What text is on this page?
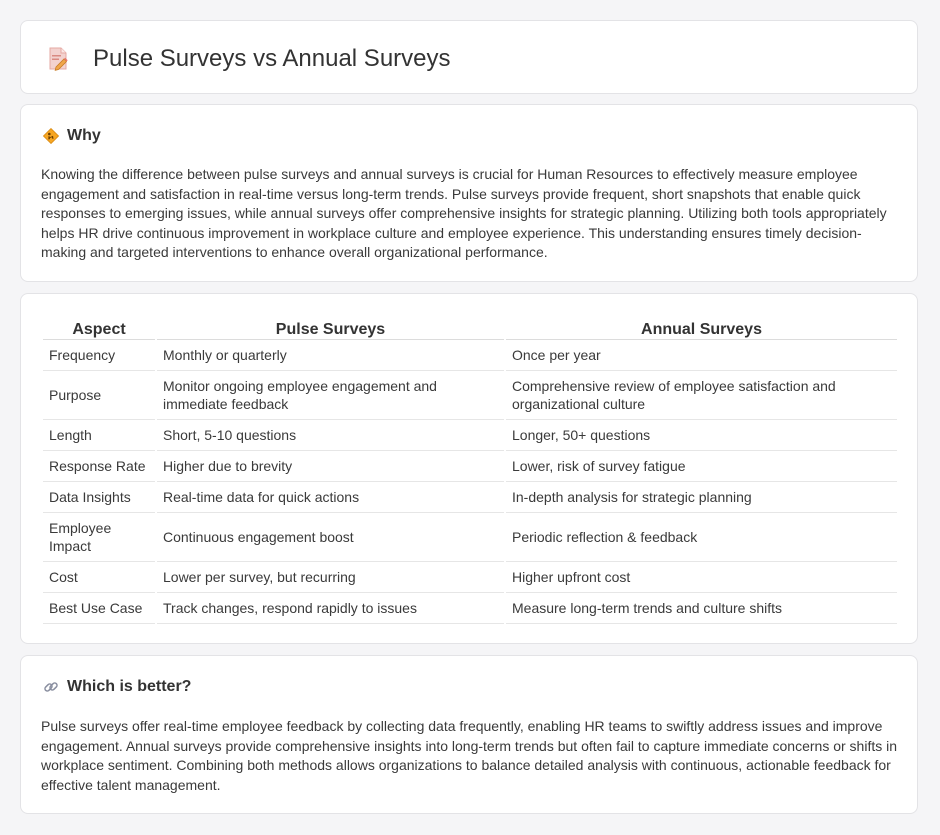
Pulse Surveys vs Annual Surveys
Why

Knowing the difference between pulse surveys and annual surveys is crucial for Human Resources to effectively measure employee engagement and satisfaction in real-time versus long-term trends. Pulse surveys provide frequent, short snapshots that enable quick responses to emerging issues, while annual surveys offer comprehensive insights for strategic planning. Utilizing both tools appropriately helps HR drive continuous improvement in workplace culture and employee experience. This understanding ensures timely decision-making and targeted interventions to enhance overall organizational performance.

Aspect	Pulse Surveys	Annual Surveys
Frequency	Monthly or quarterly	Once per year
Purpose	Monitor ongoing employee engagement and immediate feedback	Comprehensive review of employee satisfaction and organizational culture
Length	Short, 5-10 questions	Longer, 50+ questions
Response Rate	Higher due to brevity	Lower, risk of survey fatigue
Data Insights	Real-time data for quick actions	In-depth analysis for strategic planning
Employee Impact	Continuous engagement boost	Periodic reflection & feedback
Cost	Lower per survey, but recurring	Higher upfront cost
Best Use Case	Track changes, respond rapidly to issues	Measure long-term trends and culture shifts
Which is better?

Pulse surveys offer real-time employee feedback by collecting data frequently, enabling HR teams to swiftly address issues and improve engagement. Annual surveys provide comprehensive insights into long-term trends but often fail to capture immediate concerns or shifts in workplace sentiment. Combining both methods allows organizations to balance detailed analysis with continuous, actionable feedback for effective talent management.
